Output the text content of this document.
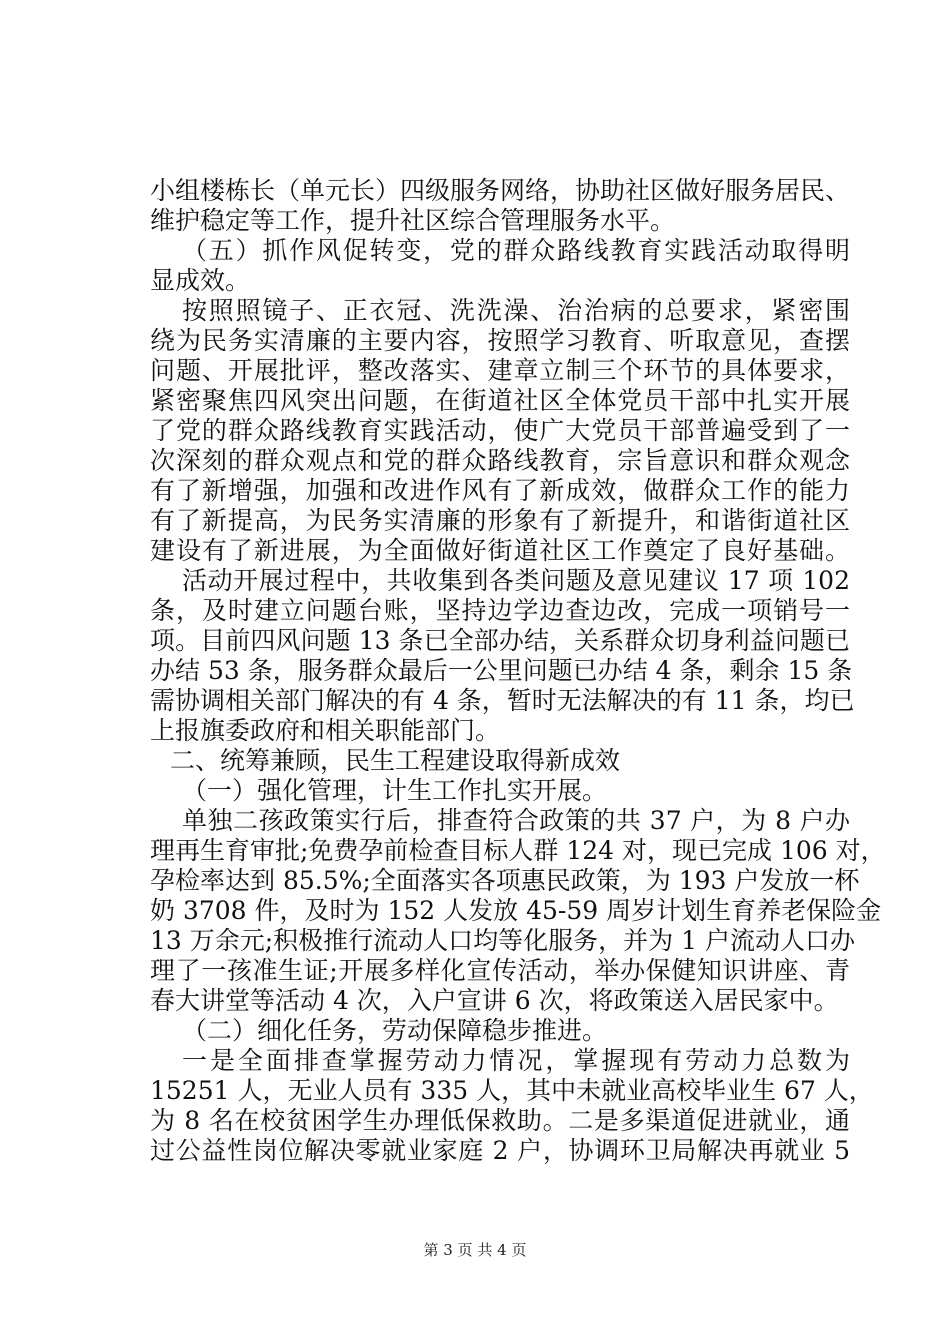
小组楼栋长（单元长）四级服务网络，协助社区做好服务居民、
维护稳定等工作，提升社区综合管理服务水平。
（五）抓作风促转变，党的群众路线教育实践活动取得明
显成效。
按照照镜子、正衣冠、洗洗澡、治治病的总要求，紧密围
绕为民务实清廉的主要内容，按照学习教育、听取意见，查摆
问题、开展批评，整改落实、建章立制三个环节的具体要求，
紧密聚焦四风突出问题，在街道社区全体党员干部中扎实开展
了党的群众路线教育实践活动，使广大党员干部普遍受到了一
次深刻的群众观点和党的群众路线教育，宗旨意识和群众观念
有了新增强，加强和改进作风有了新成效，做群众工作的能力
有了新提高，为民务实清廉的形象有了新提升，和谐街道社区
建设有了新进展，为全面做好街道社区工作奠定了良好基础。
活动开展过程中，共收集到各类问题及意见建议 17 项 102
条，及时建立问题台账，坚持边学边查边改，完成一项销号一
项。目前四风问题 13 条已全部办结，关系群众切身利益问题已
办结 53 条，服务群众最后一公里问题已办结 4 条，剩余 15 条
需协调相关部门解决的有 4 条，暂时无法解决的有 11 条，均已
上报旗委政府和相关职能部门。
二、统筹兼顾，民生工程建设取得新成效
（一）强化管理，计生工作扎实开展。
单独二孩政策实行后，排查符合政策的共 37 户，为 8 户办
理再生育审批;免费孕前检查目标人群 124 对，现已完成 106 对，
孕检率达到 85.5%;全面落实各项惠民政策，为 193 户发放一杯
奶 3708 件，及时为 152 人发放 45-59 周岁计划生育养老保险金
13 万余元;积极推行流动人口均等化服务，并为 1 户流动人口办
理了一孩准生证;开展多样化宣传活动，举办保健知识讲座、青
春大讲堂等活动 4 次，入户宣讲 6 次，将政策送入居民家中。
（二）细化任务，劳动保障稳步推进。
一是全面排查掌握劳动力情况，掌握现有劳动力总数为
15251 人，无业人员有 335 人，其中未就业高校毕业生 67 人，
为 8 名在校贫困学生办理低保救助。二是多渠道促进就业，通
过公益性岗位解决零就业家庭 2 户，协调环卫局解决再就业 5
第 3 页 共 4 页
